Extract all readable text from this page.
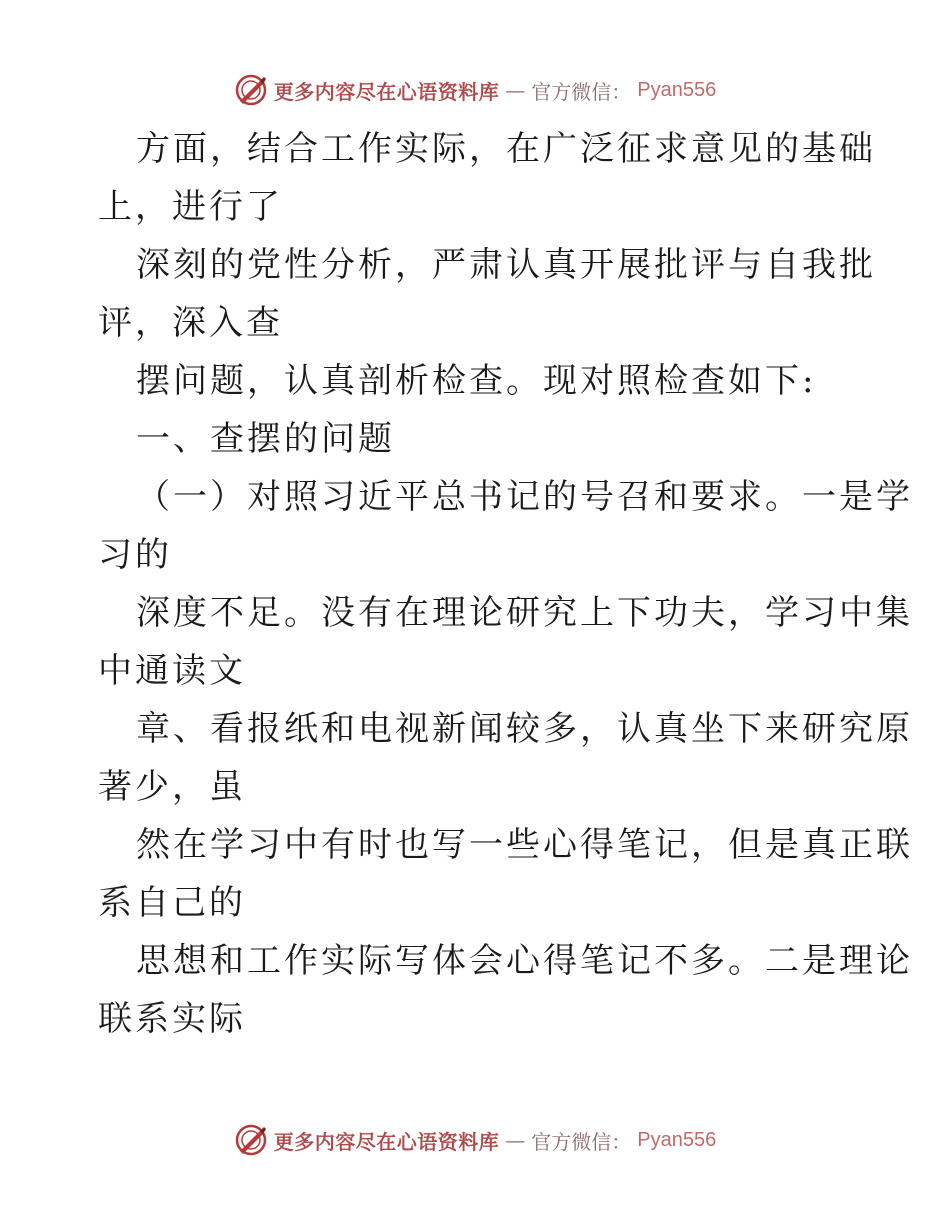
更多内容尽在心语资料库 — 官方微信： Pyan556
方面，结合工作实际，在广泛征求意见的基础
上，进行了
深刻的党性分析，严肃认真开展批评与自我批
评，深入查
摆问题，认真剖析检查。现对照检查如下:
一、查摆的问题
（一）对照习近平总书记的号召和要求。一是学
习的
深度不足。没有在理论研究上下功夫，学习中集
中通读文
章、看报纸和电视新闻较多，认真坐下来研究原
著少，虽
然在学习中有时也写一些心得笔记，但是真正联
系自己的
思想和工作实际写体会心得笔记不多。二是理论
联系实际
更多内容尽在心语资料库 — 官方微信： Pyan556
